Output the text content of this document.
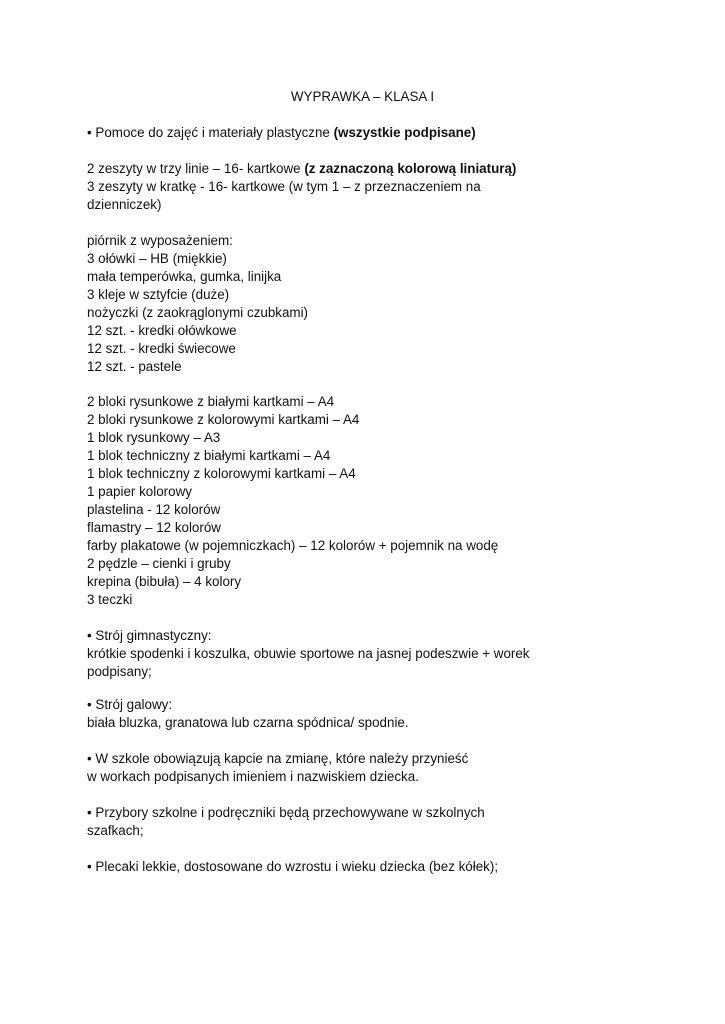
WYPRAWKA – KLASA I
• Pomoce do zajęć i materiały plastyczne (wszystkie podpisane)
2 zeszyty w trzy linie – 16- kartkowe (z zaznaczoną kolorową liniaturą)
3 zeszyty w kratkę - 16- kartkowe (w tym 1 – z przeznaczeniem na
dzienniczek)
piórnik z wyposażeniem:
3 ołówki – HB (miękkie)
mała temperówka, gumka, linijka
3 kleje w sztyfcie (duże)
nożyczki (z zaokrąglonymi czubkami)
12 szt. - kredki ołówkowe
12 szt. - kredki świecowe
12 szt. - pastele
2 bloki rysunkowe z białymi kartkami – A4
2 bloki rysunkowe z kolorowymi kartkami – A4
1 blok rysunkowy – A3
1 blok techniczny z białymi kartkami – A4
1 blok techniczny z kolorowymi kartkami – A4
1 papier kolorowy
plastelina - 12 kolorów
flamastry – 12 kolorów
farby plakatowe (w pojemniczkach) – 12 kolorów + pojemnik na wodę
2 pędzle – cienki i gruby
krepina (bibuła) – 4 kolory
3 teczki
• Strój gimnastyczny:
krótkie spodenki i koszulka, obuwie sportowe na jasnej podeszwie + worek
podpisany;
• Strój galowy:
biała bluzka, granatowa lub czarna spódnica/ spodnie.
• W szkole obowiązują kapcie na zmianę, które należy przynieść
w workach podpisanych imieniem i nazwiskiem dziecka.
• Przybory szkolne i podręczniki będą przechowywane w szkolnych
szafkach;
• Plecaki lekkie, dostosowane do wzrostu i wieku dziecka (bez kółek);
